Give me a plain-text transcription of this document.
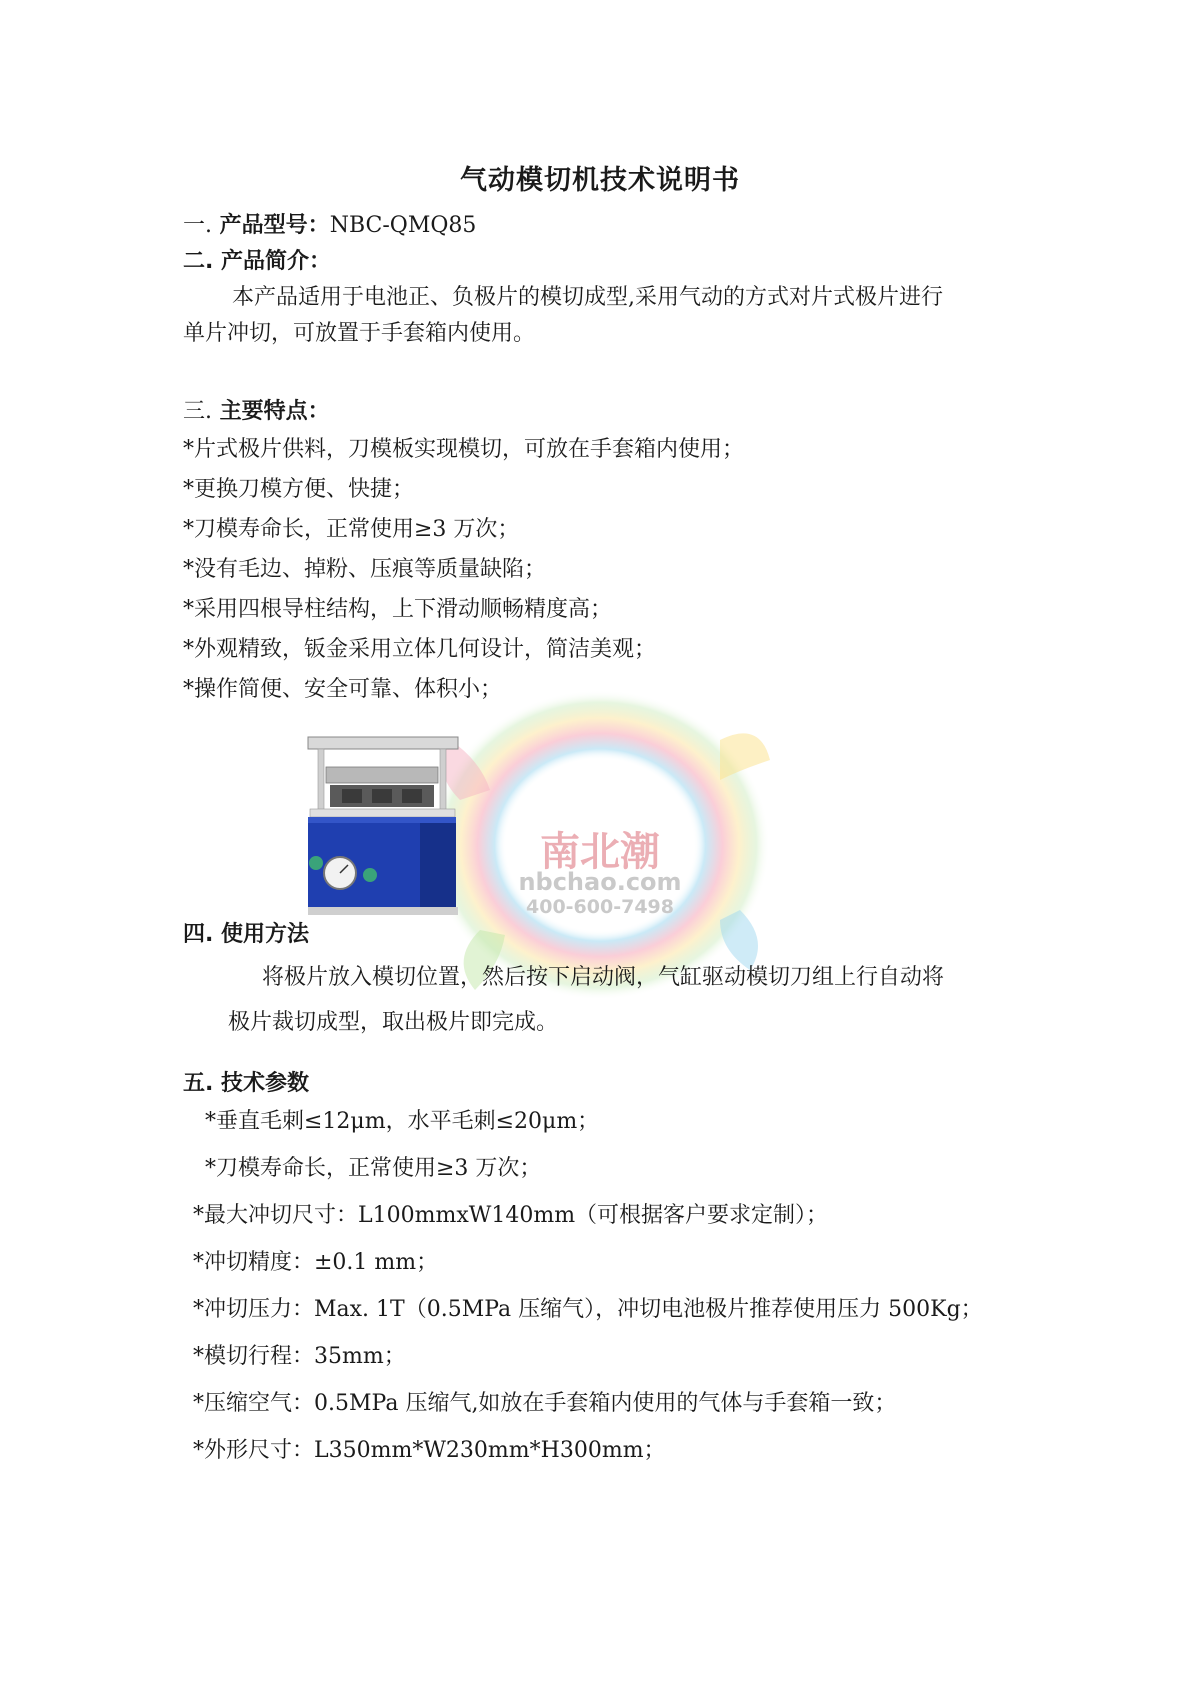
气动模切机技术说明书
一. 产品型号：NBC-QMQ85
二. 产品简介：
本产品适用于电池正、负极片的模切成型,采用气动的方式对片式极片进行
单片冲切，可放置于手套箱内使用。
三. 主要特点：
*片式极片供料，刀模板实现模切，可放在手套箱内使用；
*更换刀模方便、快捷；
*刀模寿命长，正常使用≥3 万次；
*没有毛边、掉粉、压痕等质量缺陷；
*采用四根导柱结构，上下滑动顺畅精度高；
*外观精致，钣金采用立体几何设计，简洁美观；
*操作简便、安全可靠、体积小；
南北潮
nbchao.com
400-600-7498
四. 使用方法
将极片放入模切位置，然后按下启动阀，气缸驱动模切刀组上行自动将
极片裁切成型，取出极片即完成。
五. 技术参数
*垂直毛刺≤12μm，水平毛刺≤20μm；
*刀模寿命长，正常使用≥3 万次；
*最大冲切尺寸：L100mmxW140mm（可根据客户要求定制）；
*冲切精度：±0.1 mm；
*冲切压力：Max. 1T（0.5MPa 压缩气），冲切电池极片推荐使用压力 500Kg；
*模切行程：35mm；
*压缩空气：0.5MPa 压缩气,如放在手套箱内使用的气体与手套箱一致；
*外形尺寸：L350mm*W230mm*H300mm；
